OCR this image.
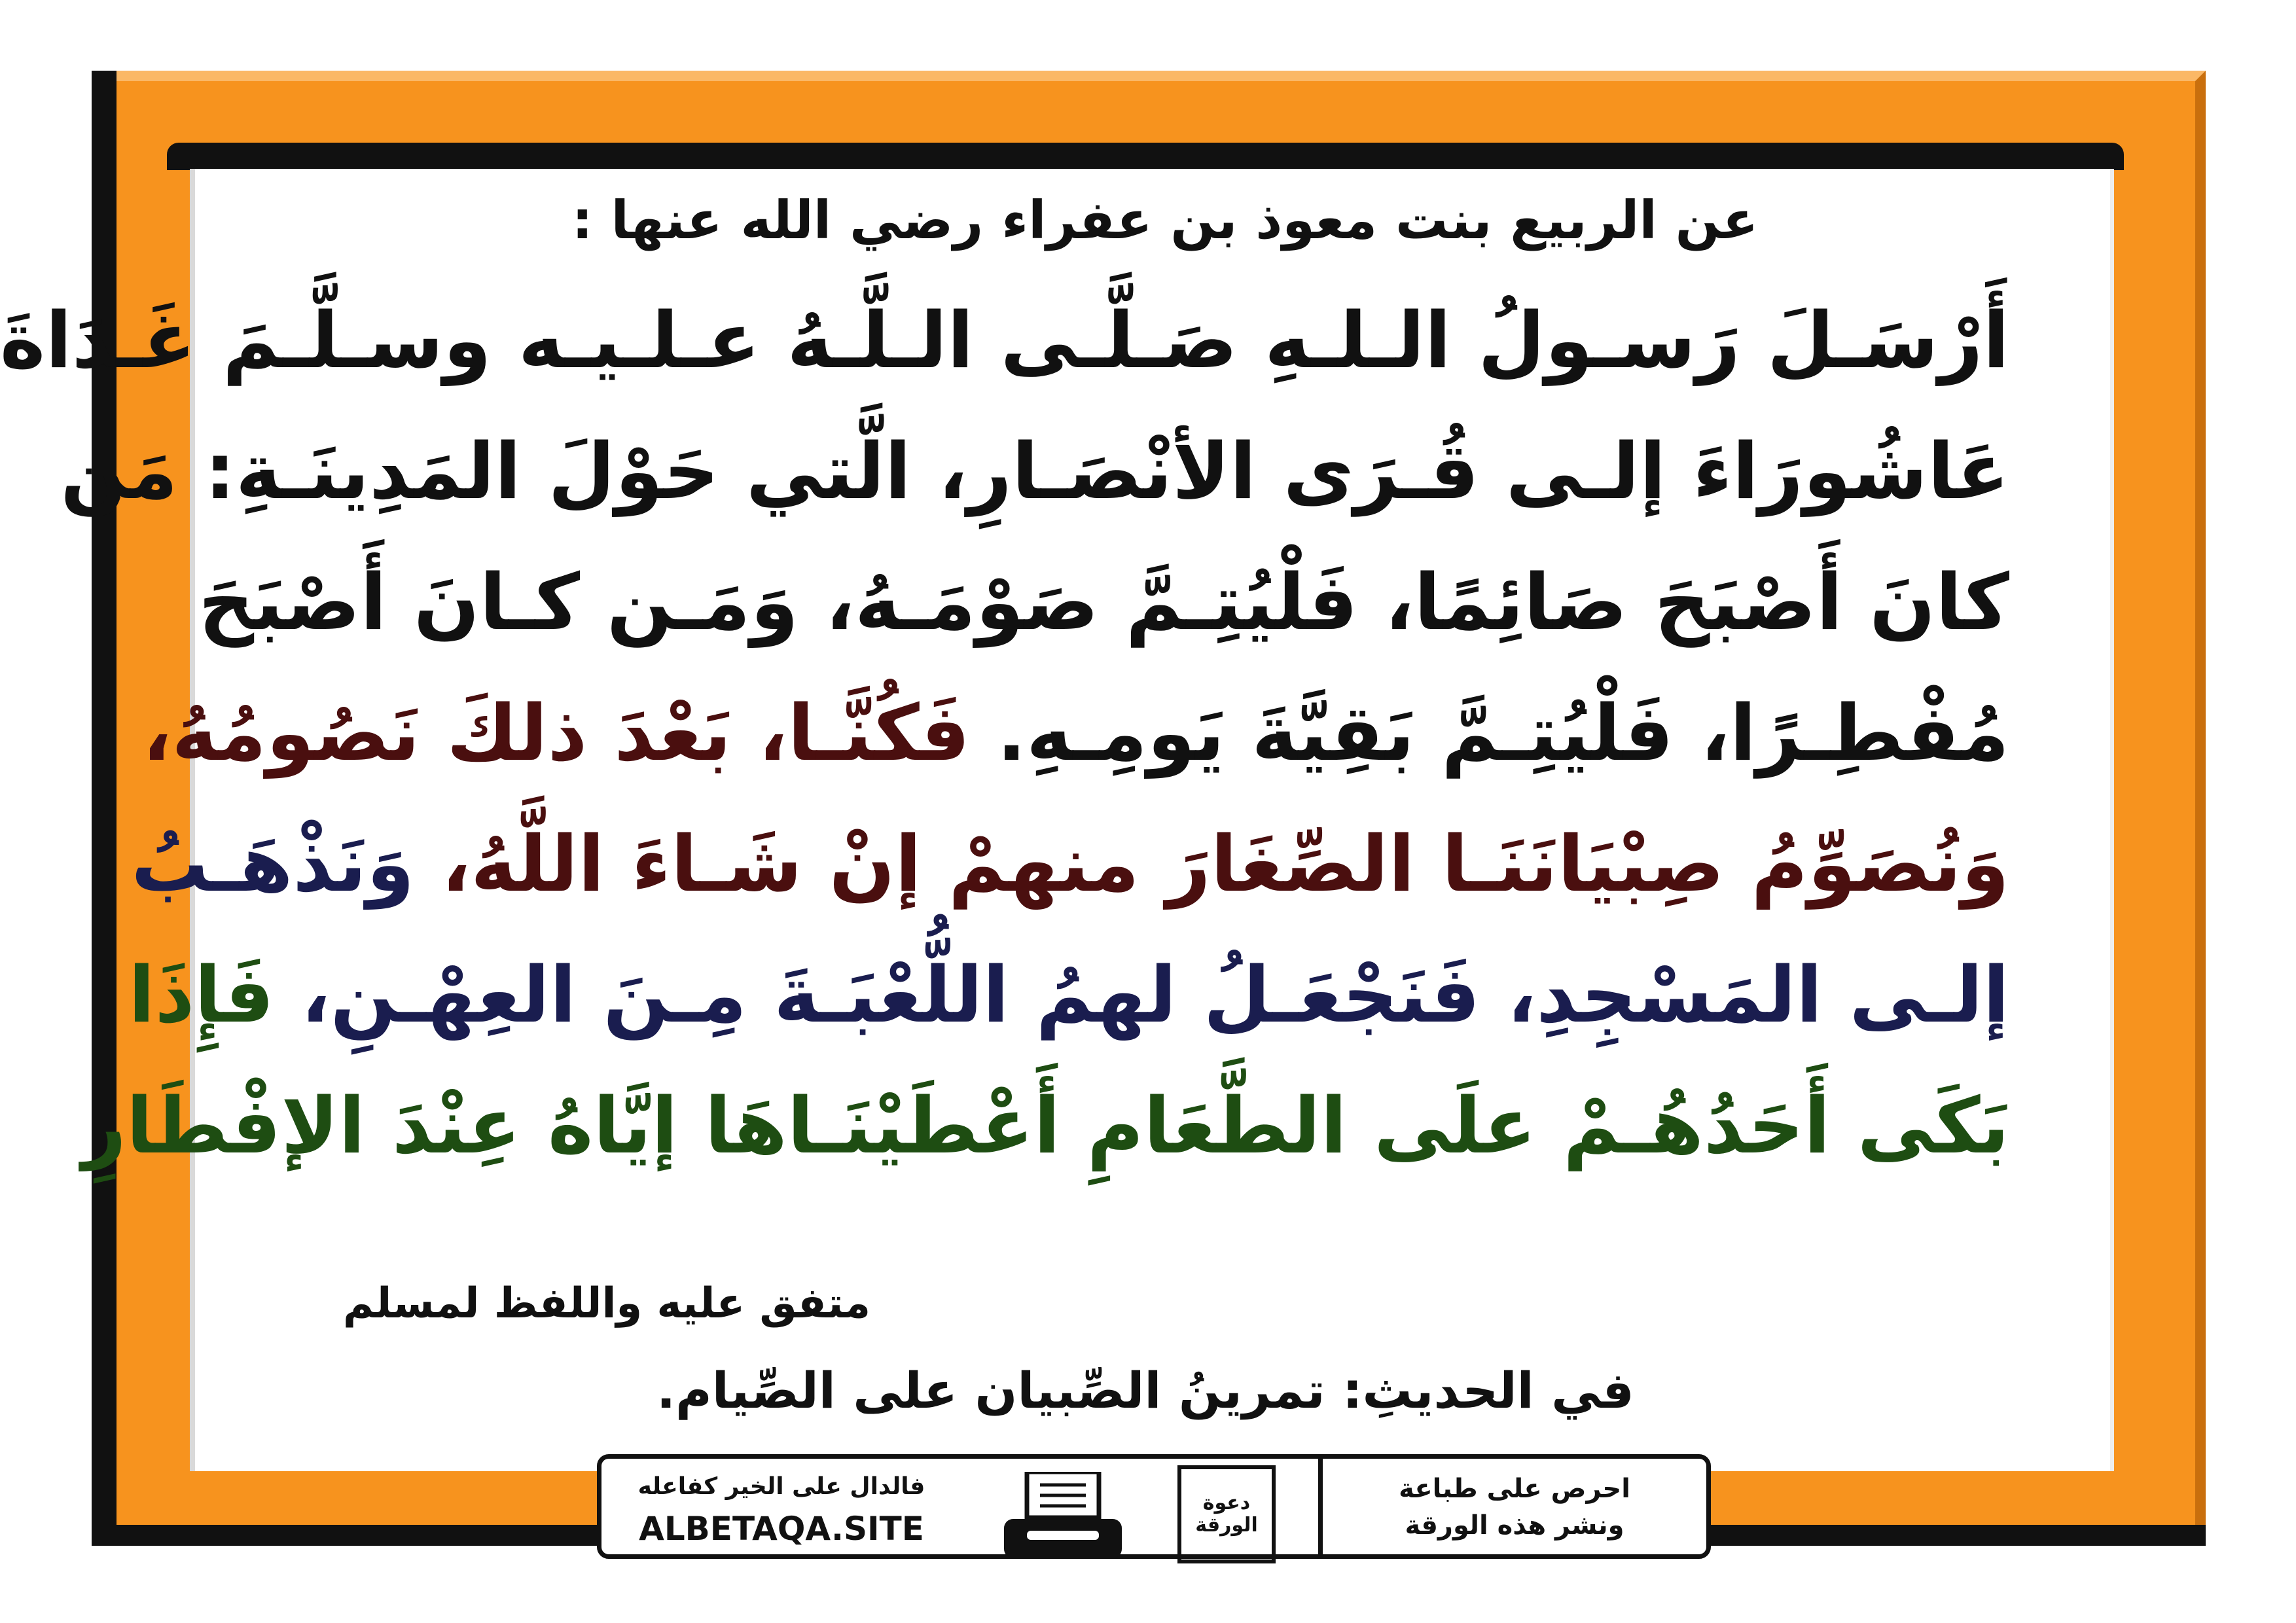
عن الربيع بنت معوذ بن عفراء رضي الله عنها :
أَرْسَـلَ رَسـولُ الـلـهِ صَـلَّـى الـلَّـهُ عـلـيـه وسـلَّـمَ غَـدَاةَ
عَاشُورَاءَ إلـى قُـرَى الأنْصَـارِ، الَّتي حَوْلَ المَدِينَـةِ: مَن
كانَ أَصْبَحَ صَائِمًا، فَلْيُتِـمَّ صَوْمَـهُ، وَمَـن كـانَ أَصْبَحَ
مُفْطِـرًا، فَلْيُتِـمَّ بَقِيَّةَ يَومِـهِ. فَكُنَّـا، بَعْدَ ذلكَ نَصُومُهُ،
وَنُصَوِّمُ صِبْيَانَنَـا الصِّغَارَ منهمْ إنْ شَـاءَ اللَّهُ، وَنَذْهَـبُ
إلـى المَسْجِدِ، فَنَجْعَـلُ لهمُ اللُّعْبَـةَ مِـنَ العِهْـنِ، فَإِذَا
بَكَى أَحَدُهُـمْ علَى الطَّعَامِ أَعْطَيْنَـاهَا إيَّاهُ عِنْدَ الإفْطَارِ
متفق عليه واللفظ لمسلم
في الحديثِ: تمرينُ الصِّبيان على الصِّيام.
فالدال على الخير كفاعله
ALBETAQA.SITE
دعوة الورقة
احرص على طباعة
ونشر هذه الورقة
